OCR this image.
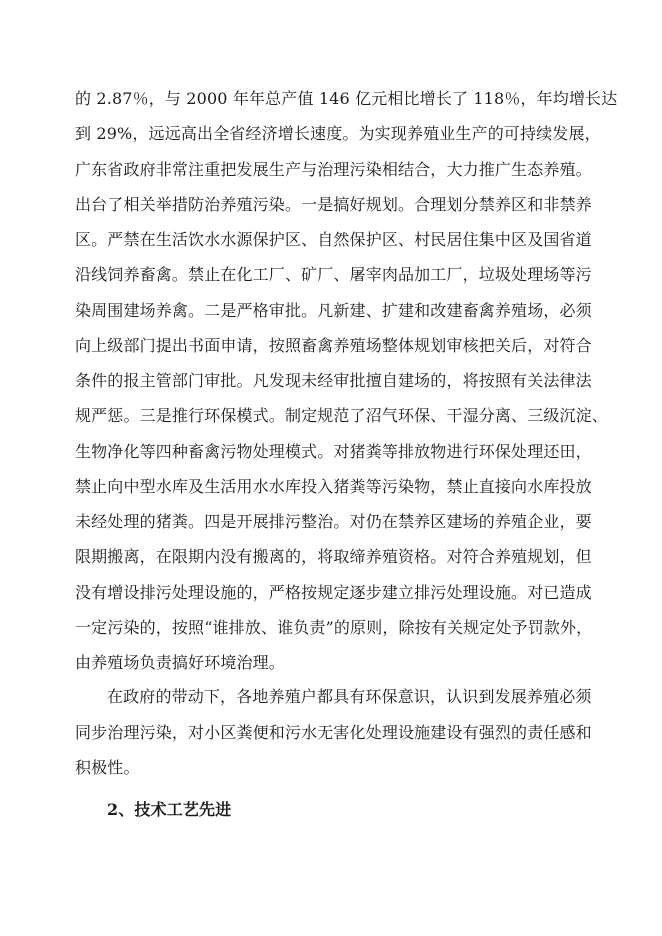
的 2.87％，与 2000 年年总产值 146 亿元相比增长了 118％，年均增长达
到 29%，远远高出全省经济增长速度。为实现养殖业生产的可持续发展，
广东省政府非常注重把发展生产与治理污染相结合，大力推广生态养殖。
出台了相关举措防治养殖污染。一是搞好规划。合理划分禁养区和非禁养
区。严禁在生活饮水水源保护区、自然保护区、村民居住集中区及国省道
沿线饲养畜禽。禁止在化工厂、矿厂、屠宰肉品加工厂，垃圾处理场等污
染周围建场养禽。二是严格审批。凡新建、扩建和改建畜禽养殖场，必须
向上级部门提出书面申请，按照畜禽养殖场整体规划审核把关后，对符合
条件的报主管部门审批。凡发现未经审批擅自建场的，将按照有关法律法
规严惩。三是推行环保模式。制定规范了沼气环保、干湿分离、三级沉淀、
生物净化等四种畜禽污物处理模式。对猪粪等排放物进行环保处理还田，
禁止向中型水库及生活用水水库投入猪粪等污染物，禁止直接向水库投放
未经处理的猪粪。四是开展排污整治。对仍在禁养区建场的养殖企业，要
限期搬离，在限期内没有搬离的，将取缔养殖资格。对符合养殖规划，但
没有增设排污处理设施的，严格按规定逐步建立排污处理设施。对已造成
一定污染的，按照“谁排放、谁负责”的原则，除按有关规定处予罚款外，
由养殖场负责搞好环境治理。
在政府的带动下，各地养殖户都具有环保意识，认识到发展养殖必须
同步治理污染，对小区粪便和污水无害化处理设施建设有强烈的责任感和
积极性。
2、技术工艺先进
